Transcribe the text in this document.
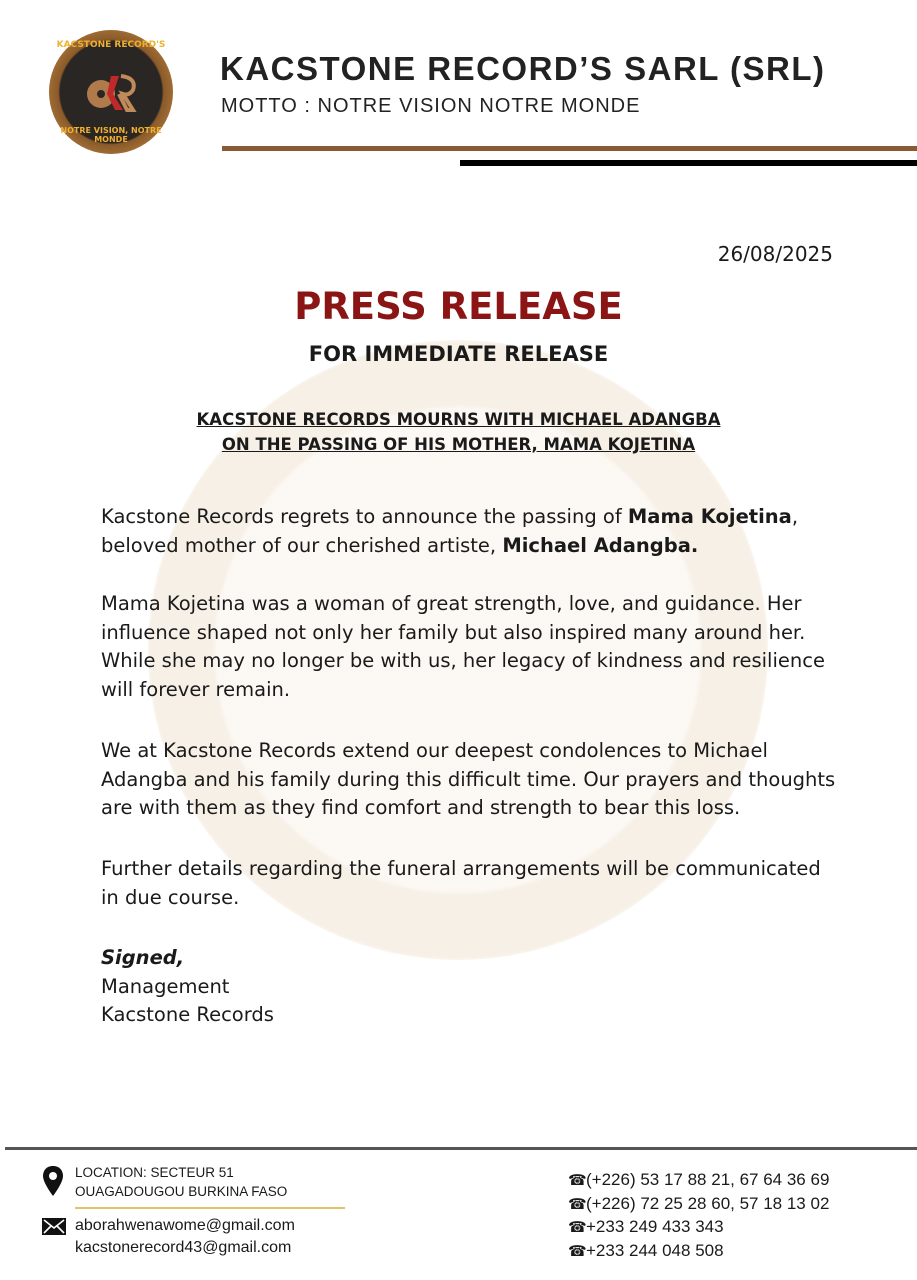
KACSTONE RECORD'S
NOTRE VISION, NOTRE MONDE
KACSTONE RECORD’S SARL (SRL)
MOTTO : NOTRE VISION NOTRE MONDE
26/08/2025
PRESS RELEASE
FOR IMMEDIATE RELEASE
KACSTONE RECORDS MOURNS WITH MICHAEL ADANGBA
ON THE PASSING OF HIS MOTHER, MAMA KOJETINA

Kacstone Records regrets to announce the passing of Mama Kojetina, beloved mother of our cherished artiste, Michael Adangba.

Mama Kojetina was a woman of great strength, love, and guidance. Her influence shaped not only her family but also inspired many around her. While she may no longer be with us, her legacy of kindness and resilience will forever remain.
We at Kacstone Records extend our deepest condolences to Michael Adangba and his family during this difficult time. Our prayers and thoughts are with them as they find comfort and strength to bear this loss.
Further details regarding the funeral arrangements will be communicated in due course.
Signed,
Management
Kacstone Records
LOCATION: SECTEUR 51
OUAGADOUGOU BURKINA FASO
aborahwenawome@gmail.com
kacstonerecord43@gmail.com
☎(+226) 53 17 88 21, 67 64 36 69
☎(+226) 72 25 28 60, 57 18 13 02
☎+233 249 433 343
☎+233 244 048 508
